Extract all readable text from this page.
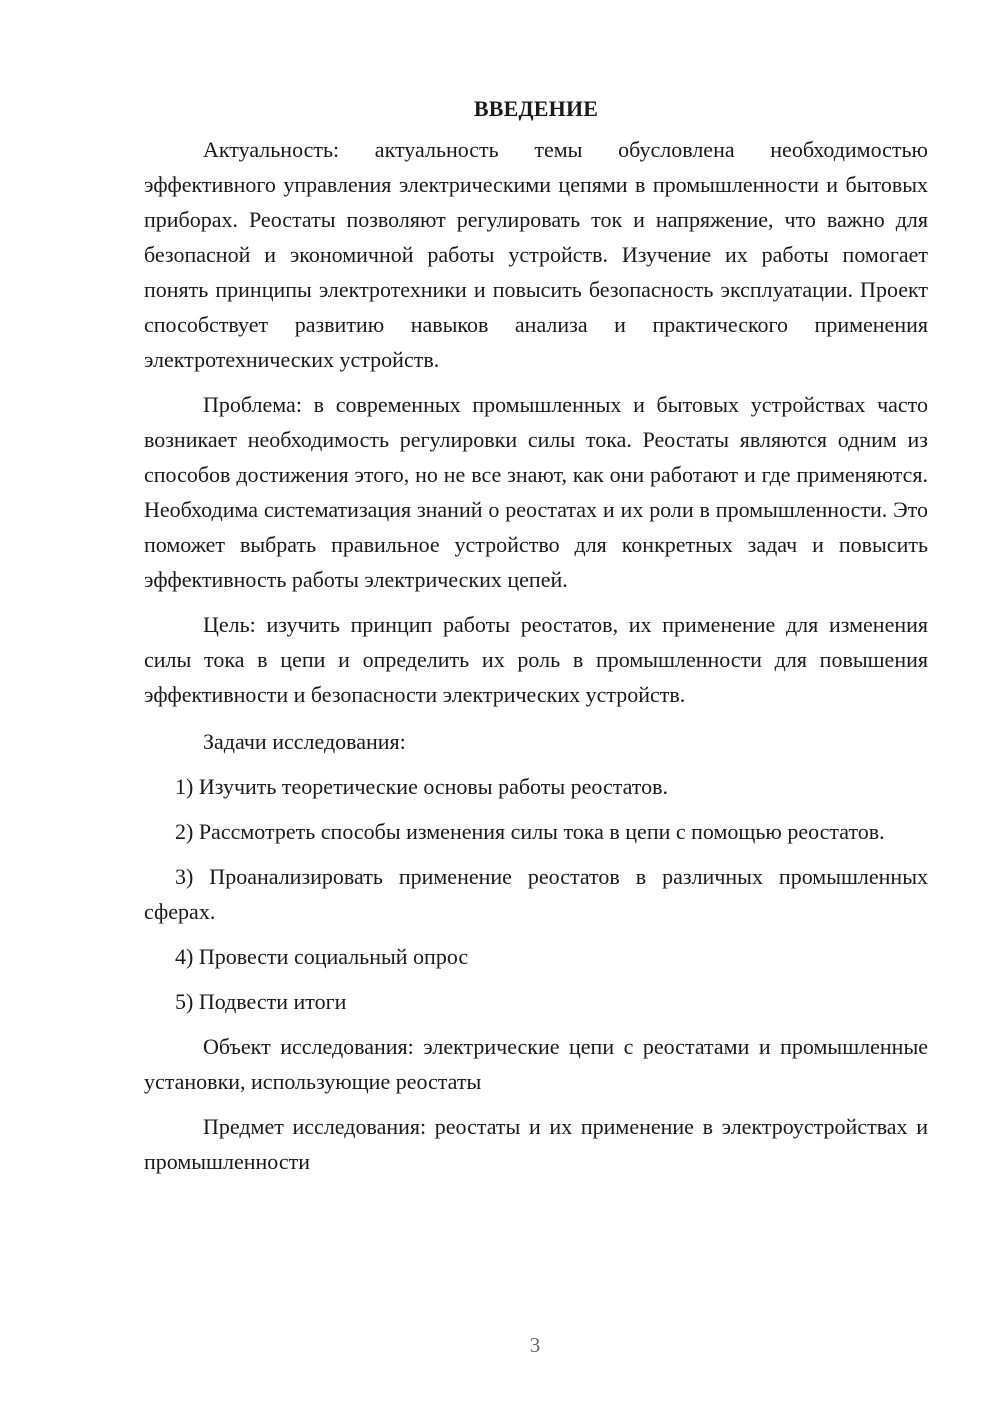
ВВЕДЕНИЕ

Актуальность: актуальность темы обусловлена необходимостью эффективного управления электрическими цепями в промышленности и бытовых приборах. Реостаты позволяют регулировать ток и напряжение, что важно для безопасной и экономичной работы устройств. Изучение их работы помогает понять принципы электротехники и повысить безопасность эксплуатации. Проект способствует развитию навыков анализа и практического применения электротехнических устройств.

Проблема: в современных промышленных и бытовых устройствах часто возникает необходимость регулировки силы тока. Реостаты являются одним из способов достижения этого, но не все знают, как они работают и где применяются. Необходима систематизация знаний о реостатах и их роли в промышленности. Это поможет выбрать правильное устройство для конкретных задач и повысить эффективность работы электрических цепей.

Цель: изучить принцип работы реостатов, их применение для изменения силы тока в цепи и определить их роль в промышленности для повышения эффективности и безопасности электрических устройств.

Задачи исследования:

1) Изучить теоретические основы работы реостатов.

2) Рассмотреть способы изменения силы тока в цепи с помощью реостатов.

3) Проанализировать применение реостатов в различных промышленных сферах.

4) Провести социальный опрос

5) Подвести итоги

Объект исследования: электрические цепи с реостатами и промышленные установки, использующие реостаты

Предмет исследования: реостаты и их применение в электроустройствах и промышленности

3
